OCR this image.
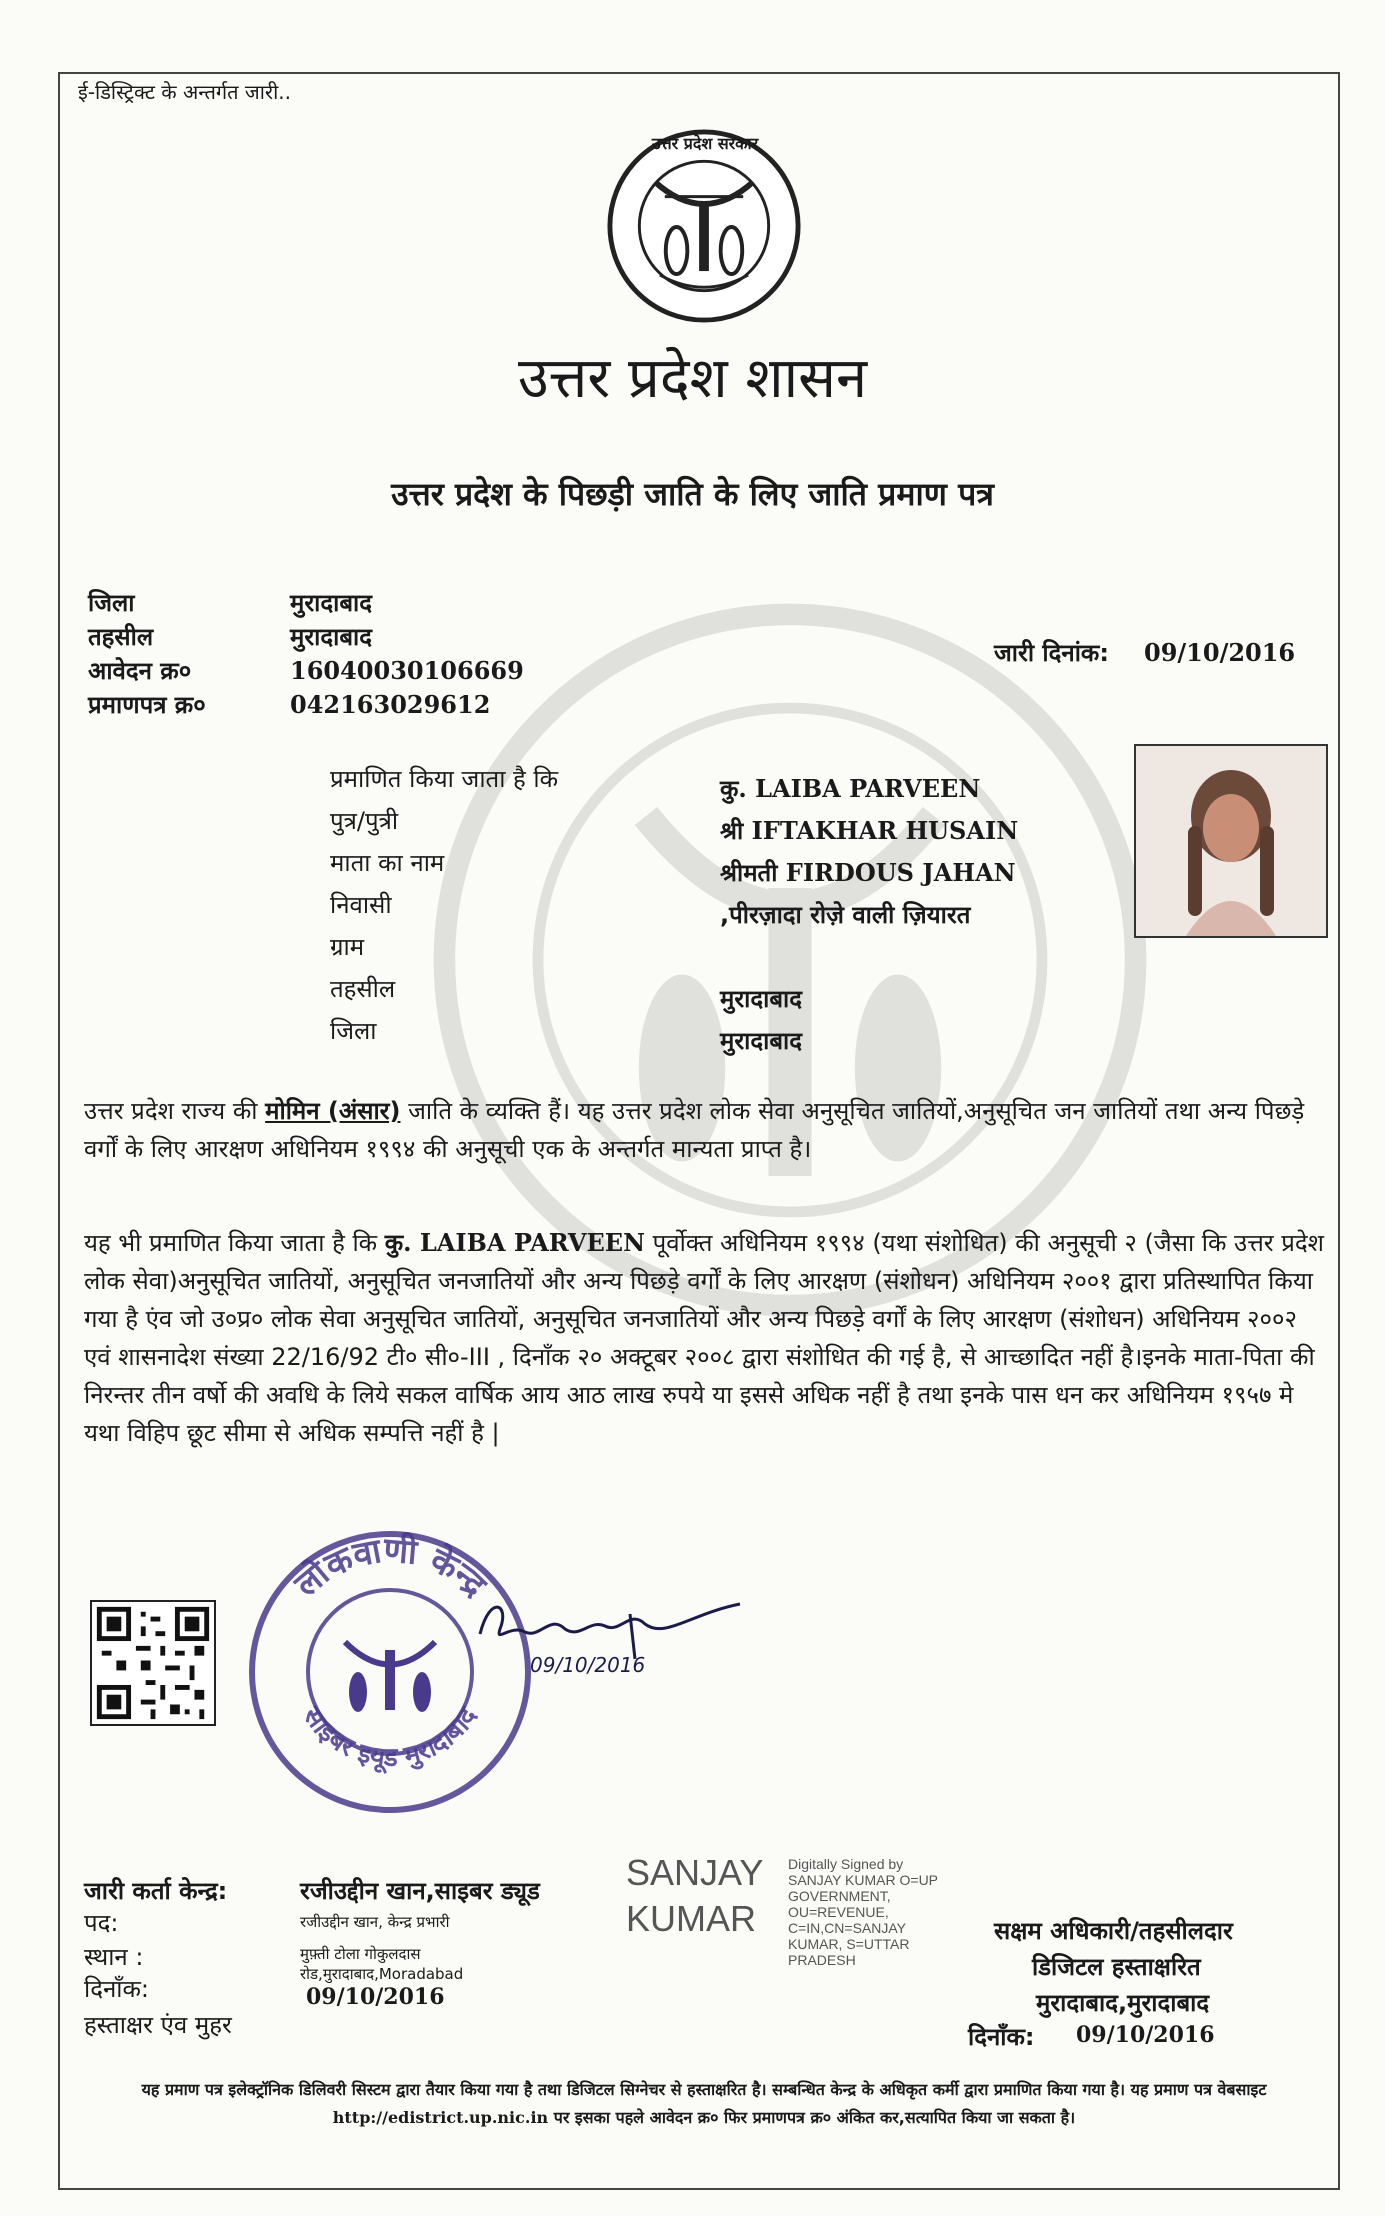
ई-डिस्ट्रिक्ट के अन्तर्गत जारी..
उत्तर प्रदेश सरकार
उत्तर प्रदेश शासन
उत्तर प्रदेश के पिछड़ी जाति के लिए जाति प्रमाण पत्र
जिला	मुरादाबाद
तहसील	मुरादाबाद
आवेदन क्र०	16040030106669
प्रमाणपत्र क्र०	042163029612
जारी दिनांक: 09/10/2016
प्रमाणित किया जाता है कि	कु. LAIBA PARVEEN
पुत्र/पुत्री	श्री IFTAKHAR HUSAIN
माता का नाम	श्रीमती FIRDOUS JAHAN
निवासी	,पीरज़ादा रोज़े वाली ज़ियारत
ग्राम
तहसील	मुरादाबाद
जिला	मुरादाबाद
उत्तर प्रदेश राज्य की मोमिन (अंसार) जाति के व्यक्ति हैं। यह उत्तर प्रदेश लोक सेवा अनुसूचित जातियों,अनुसूचित जन जातियों तथा अन्य पिछड़े वर्गों के लिए आरक्षण अधिनियम १९९४ की अनुसूची एक के अन्तर्गत मान्यता प्राप्त है।
यह भी प्रमाणित किया जाता है कि कु. LAIBA PARVEEN पूर्वोक्त अधिनियम १९९४ (यथा संशोधित) की अनुसूची २ (जैसा कि उत्तर प्रदेश लोक सेवा)अनुसूचित जातियों, अनुसूचित जनजातियों और अन्य पिछड़े वर्गों के लिए आरक्षण (संशोधन) अधिनियम २००१ द्वारा प्रतिस्थापित किया गया है एंव जो उ०प्र० लोक सेवा अनुसूचित जातियों, अनुसूचित जनजातियों और अन्य पिछड़े वर्गों के लिए आरक्षण (संशोधन) अधिनियम २००२ एवं शासनादेश संख्या 22/16/92 टी० सी०-III , दिनाँक २० अक्टूबर २००८ द्वारा संशोधित की गई है, से आच्छादित नहीं है।इनके माता-पिता की निरन्तर तीन वर्षो की अवधि के लिये सकल वार्षिक आय आठ लाख रुपये या इससे अधिक नहीं है तथा इनके पास धन कर अधिनियम १९५७ मे यथा विहिप छूट सीमा से अधिक सम्पत्ति नहीं है |
लोकवाणी केन्द्र
साइबर इयूड मुरादाबाद
09/10/2016
जारी कर्ता केन्द्र:	रजीउद्दीन खान,साइबर ड्यूड
पद:	रजीउद्दीन खान, केन्द्र प्रभारी
स्थान :	मुफ़्ती टोला गोकुलदास
रोड,मुरादाबाद,Moradabad
दिनाँक:	09/10/2016
हस्ताक्षर एंव मुहर
SANJAY
KUMAR
Digitally Signed by
SANJAY KUMAR O=UP
GOVERNMENT,
OU=REVENUE,
C=IN,CN=SANJAY
KUMAR, S=UTTAR
PRADESH
सक्षम अधिकारी/तहसीलदार
डिजिटल हस्ताक्षरित
मुरादाबाद,मुरादाबाद
दिनाँक: 09/10/2016
यह प्रमाण पत्र इलेक्ट्रॉनिक डिलिवरी सिस्टम द्वारा तैयार किया गया है तथा डिजिटल सिग्नेचर से हस्ताक्षरित है। सम्बन्धित केन्द्र के अधिकृत कर्मी द्वारा प्रमाणित किया गया है। यह प्रमाण पत्र वेबसाइट http://edistrict.up.nic.in पर इसका पहले आवेदन क्र० फिर प्रमाणपत्र क्र० अंकित कर,सत्यापित किया जा सकता है।
